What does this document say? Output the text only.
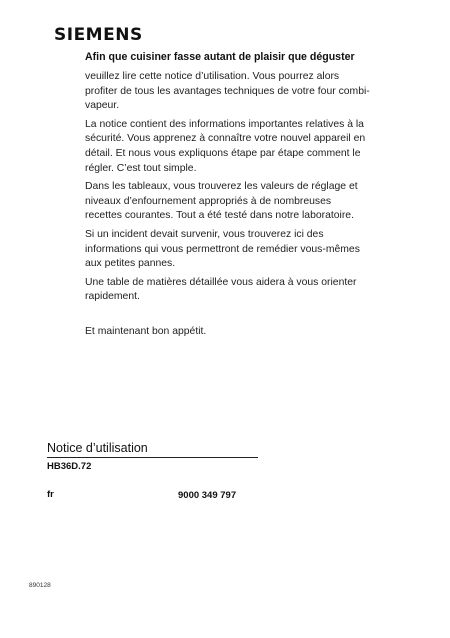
SIEMENS
Afin que cuisiner fasse autant de plaisir que déguster

veuillez lire cette notice d’utilisation. Vous pourrez alors profiter de tous les avantages techniques de votre four combi-vapeur.

La notice contient des informations importantes relatives à la sécurité. Vous apprenez à connaître votre nouvel appareil en détail. Et nous vous expliquons étape par étape comment le régler. C’est tout simple.

Dans les tableaux, vous trouverez les valeurs de réglage et niveaux d’enfournement appropriés à de nombreuses recettes courantes. Tout a été testé dans notre laboratoire.

Si un incident devait survenir, vous trouverez ici des informations qui vous permettront de remédier vous-mêmes aux petites pannes.

Une table de matières détaillée vous aidera à vous orienter rapidement.

Et maintenant bon appétit.

Notice d’utilisation
HB36D.72
fr	9000 349 797
890128
